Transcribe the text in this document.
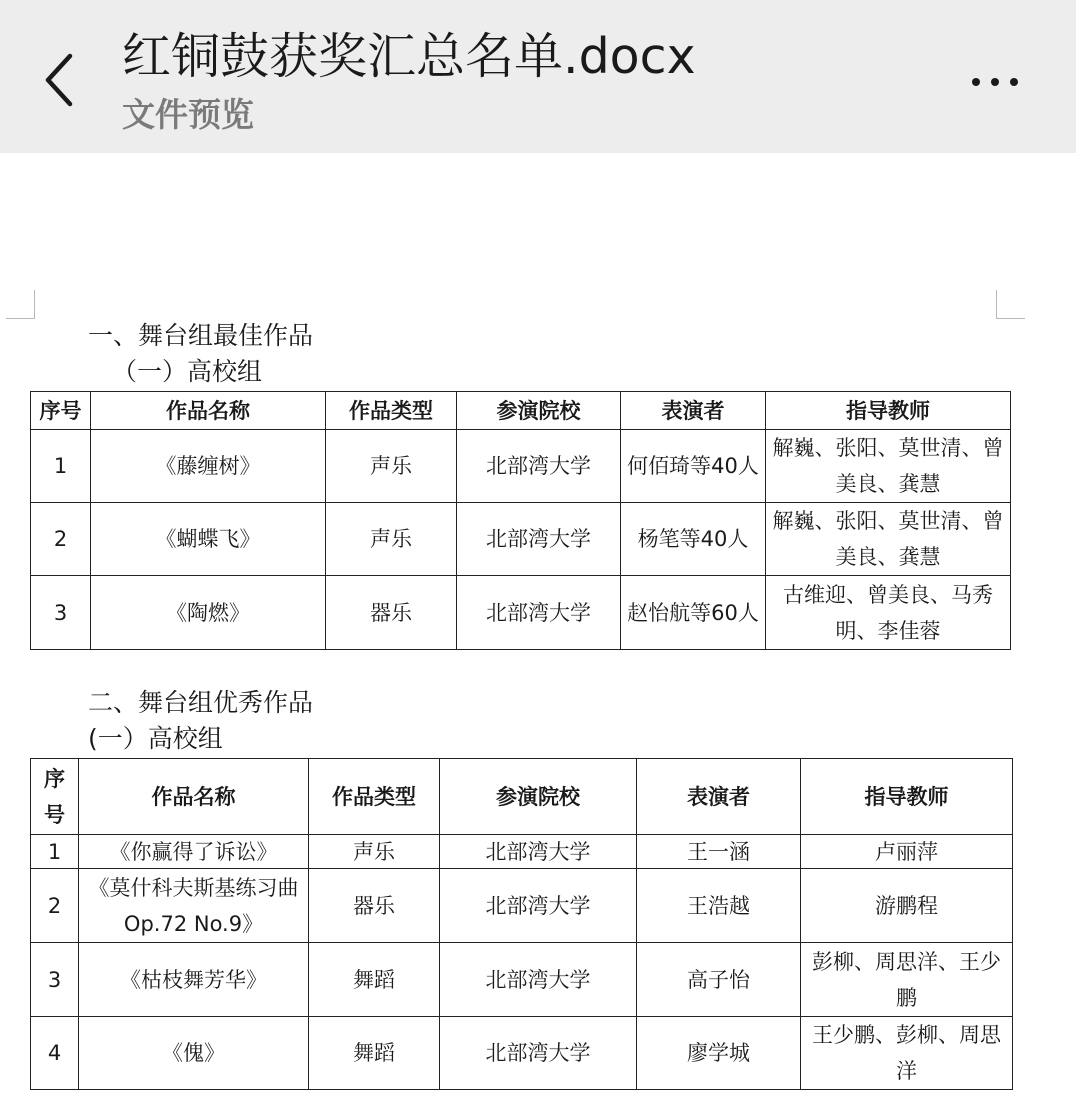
红铜鼓获奖汇总名单.docx
文件预览
一、舞台组最佳作品
（一）高校组
序号	作品名称	作品类型	参演院校	表演者	指导教师
1	《藤缠树》	声乐	北部湾大学	何佰琦等40人	解巍、张阳、莫世清、曾美良、龚慧
2	《蝴蝶飞》	声乐	北部湾大学	杨笔等40人	解巍、张阳、莫世清、曾美良、龚慧
3	《陶燃》	器乐	北部湾大学	赵怡航等60人	古维迎、曾美良、马秀明、李佳蓉
二、舞台组优秀作品
(一）高校组
序号	作品名称	作品类型	参演院校	表演者	指导教师
1	《你赢得了诉讼》	声乐	北部湾大学	王一涵	卢丽萍
2	《莫什科夫斯基练习曲Op.72 No.9》	器乐	北部湾大学	王浩越	游鹏程
3	《枯枝舞芳华》	舞蹈	北部湾大学	高子怡	彭柳、周思洋、王少鹏
4	《傀》	舞蹈	北部湾大学	廖学城	王少鹏、彭柳、周思洋
